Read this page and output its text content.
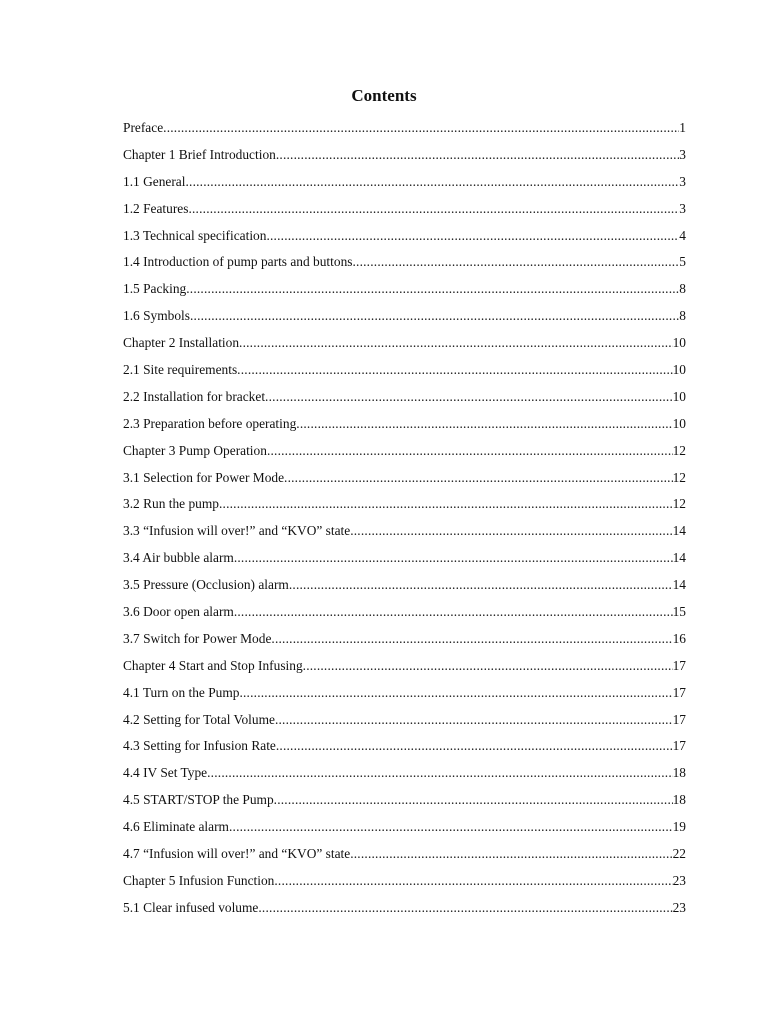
Contents
Preface .....	1
Chapter 1 Brief Introduction .....	3
1.1 General .....	3
1.2 Features .....	3
1.3 Technical specification .....	4
1.4 Introduction of pump parts and buttons .....	5
1.5 Packing .....	8
1.6 Symbols .....	8
Chapter 2 Installation .....	10
2.1 Site requirements .....	10
2.2 Installation for bracket .....	10
2.3 Preparation before operating .....	10
Chapter 3 Pump Operation .....	12
3.1 Selection for Power Mode .....	12
3.2 Run the pump .....	12
3.3 “Infusion will over!” and “KVO” state .....	14
3.4 Air bubble alarm .....	14
3.5 Pressure (Occlusion) alarm .....	14
3.6 Door open alarm .....	15
3.7 Switch for Power Mode .....	16
Chapter 4 Start and Stop Infusing .....	17
4.1 Turn on the Pump .....	17
4.2 Setting for Total Volume .....	17
4.3 Setting for Infusion Rate .....	17
4.4 IV Set Type .....	18
4.5 START/STOP the Pump .....	18
4.6 Eliminate alarm .....	19
4.7 “Infusion will over!” and “KVO” state .....	22
Chapter 5 Infusion Function .....	23
5.1 Clear infused volume .....	23
